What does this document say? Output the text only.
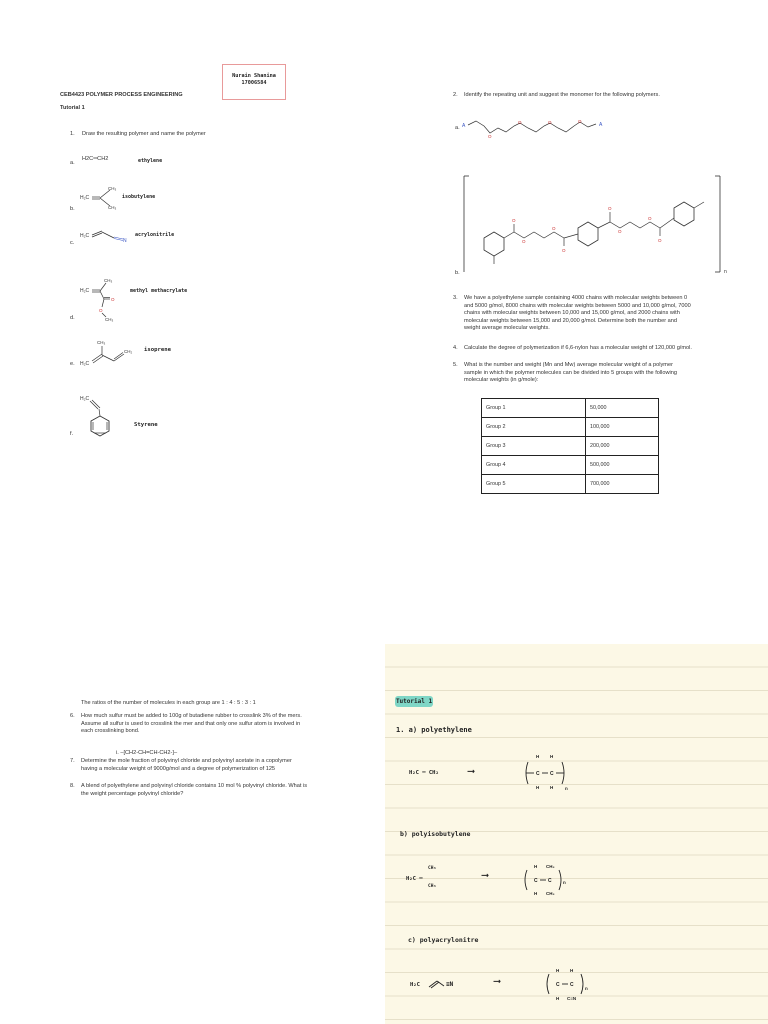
Nurain Shanina
17006584
CEB4423 POLYMER PROCESS ENGINEERING
Tutorial 1
1. Draw the resulting polymer and name the polymer
a.
H2C═CH2	ethylene
H₂C
CH₃
CH₃
b.
isobutylene
H₂C
N
c.
acrylonitrile
H₂C
CH₃
O
O
CH₃
d.
methyl methacrylate
H₂C
CH₃
CH₂
e.
isoprene
H₂C
f.
Styrene
2. Identify the repeating unit and suggest the monomer for the following polymers.
a. A
O
O	O	O
A
n
O
O
O
O
O
O
O
O
b.
3. We have a polyethylene sample containing 4000 chains with molecular weights between 0
and 5000 g/mol, 8000 chains with molecular weights between 5000 and 10,000 g/mol, 7000
chains with molecular weights between 10,000 and 15,000 g/mol, and 2000 chains with
molecular weights between 15,000 and 20,000 g/mol. Determine both the number and
weight average molecular weights.
4. Calculate the degree of polymerization if 6,6-nylon has a molecular weight of 120,000 g/mol.
5. What is the number and weight (Mn and Mw) average molecular weight of a polymer
sample in which the polymer molecules can be divided into 5 groups with the following
molecular weights (in g/mole):
Group 1	50,000
Group 2	100,000
Group 3	200,000
Group 4	500,000
Group 5	700,000
The ratios of the number of molecules in each group are 1 : 4 : 5 : 3 : 1
6. How much sulfur must be added to 100g of butadiene rubber to crosslink 3% of the mers.
Assume all sulfur is used to crosslink the mer and that only one sulfur atom is involved in
each crosslinking bond.
i. –[CH2-CH=CH-CH2-]–
7. Determine the mole fraction of polyvinyl chloride and polyvinyl acetate in a copolymer
having a molecular weight of 9000g/mol and a degree of polymerization of 125
8. A blend of polyethylene and polyvinyl chloride contains 10 mol % polyvinyl chloride. What is
the weight percentage polyvinyl chloride?
Tutorial 1
1. a) polyethylene
H₂C ═ CH₂	⟶
H H
C C
H H	n
b) polyisobutylene
H₂C ═
CH₃
CH₃
⟶
H CH₃
C C
H CH₃
n
c) polyacrylonitre
H₂C	≡N	⟶
H H
C C
H C≡N
n
